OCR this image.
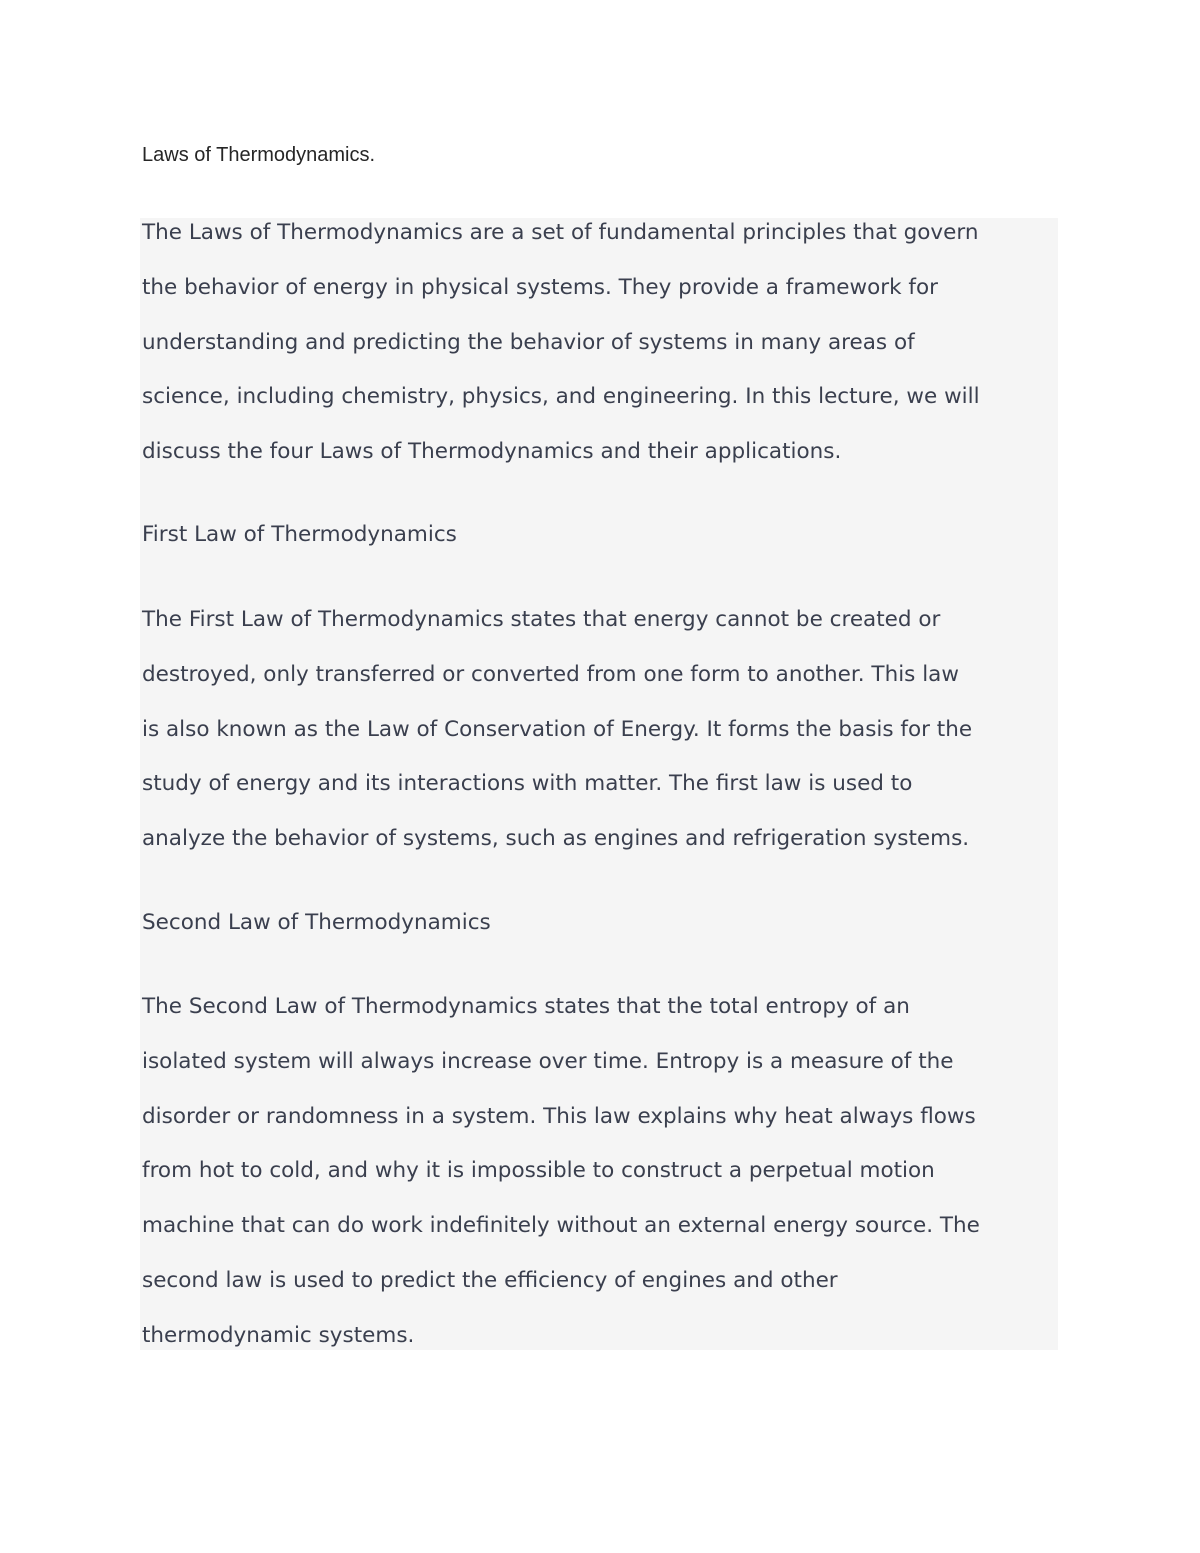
Laws of Thermodynamics.

The Laws of Thermodynamics are a set of fundamental principles that govern
the behavior of energy in physical systems. They provide a framework for
understanding and predicting the behavior of systems in many areas of
science, including chemistry, physics, and engineering. In this lecture, we will
discuss the four Laws of Thermodynamics and their applications.

First Law of Thermodynamics

The First Law of Thermodynamics states that energy cannot be created or
destroyed, only transferred or converted from one form to another. This law
is also known as the Law of Conservation of Energy. It forms the basis for the
study of energy and its interactions with matter. The first law is used to
analyze the behavior of systems, such as engines and refrigeration systems.

Second Law of Thermodynamics

The Second Law of Thermodynamics states that the total entropy of an
isolated system will always increase over time. Entropy is a measure of the
disorder or randomness in a system. This law explains why heat always flows
from hot to cold, and why it is impossible to construct a perpetual motion
machine that can do work indefinitely without an external energy source. The
second law is used to predict the efficiency of engines and other
thermodynamic systems.
